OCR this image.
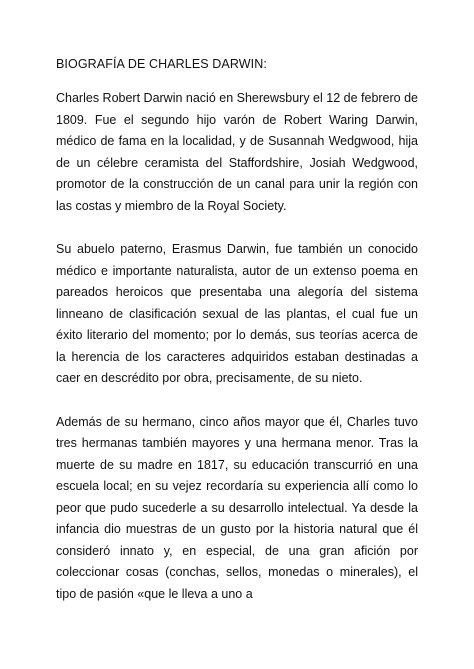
BIOGRAFÍA DE CHARLES DARWIN:

Charles Robert Darwin nació en Sherewsbury el 12 de febrero de 1809. Fue el segundo hijo varón de Robert Waring Darwin, médico de fama en la localidad, y de Susannah Wedgwood, hija de un célebre ceramista del Staffordshire, Josiah Wedgwood, promotor de la construcción de un canal para unir la región con las costas y miembro de la Royal Society.

Su abuelo paterno, Erasmus Darwin, fue también un conocido médico e importante naturalista, autor de un extenso poema en pareados heroicos que presentaba una alegoría del sistema linneano de clasificación sexual de las plantas, el cual fue un éxito literario del momento; por lo demás, sus teorías acerca de la herencia de los caracteres adquiridos estaban destinadas a caer en descrédito por obra, precisamente, de su nieto.

Además de su hermano, cinco años mayor que él, Charles tuvo tres hermanas también mayores y una hermana menor. Tras la muerte de su madre en 1817, su educación transcurrió en una escuela local; en su vejez recordaría su experiencia allí como lo peor que pudo sucederle a su desarrollo intelectual. Ya desde la infancia dio muestras de un gusto por la historia natural que él consideró innato y, en especial, de una gran afición por coleccionar cosas (conchas, sellos, monedas o minerales), el tipo de pasión «que le lleva a uno a
